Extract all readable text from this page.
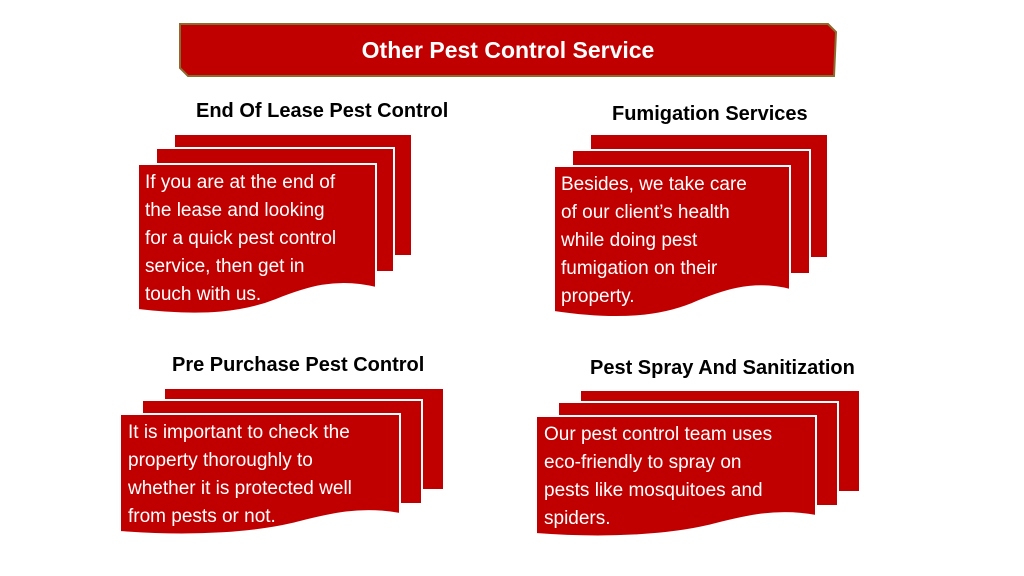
Other Pest Control Service
End Of Lease Pest Control
If you are at the end of
the lease and looking
for a quick pest control
service, then get in
touch with us.
Fumigation Services
Besides, we take care
of our client’s health
while doing pest
fumigation on their
property.
Pre Purchase Pest Control
It is important to check the
property thoroughly to
whether it is protected well
from pests or not.
Pest Spray And Sanitization
Our pest control team uses
eco-friendly to spray on
pests like mosquitoes and
spiders.
